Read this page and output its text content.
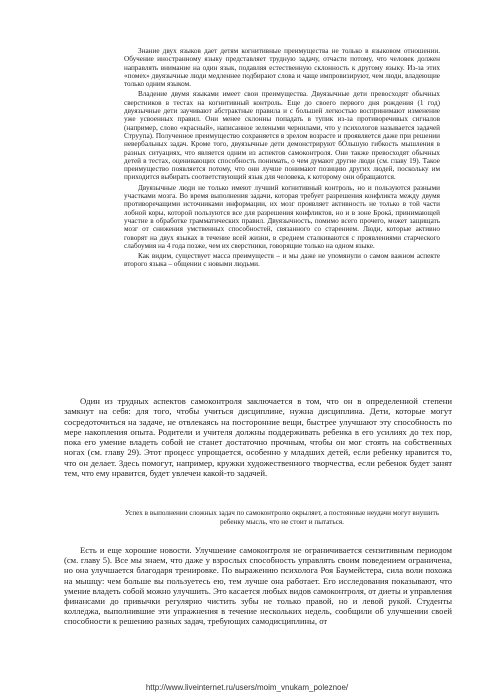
Знание двух языков дает детям когнитивные преимущества не только в языковом отношении. Обучение иностранному языку представляет трудную задачу, отчасти потому, что человек должен направлять внимание на один язык, подавляя естественную склонность к другому языку. Из-за этих «помех» двуязычные люди медленнее подбирают слова и чаще импровизируют, чем люди, владеющие только одним языком.

Владение двумя языками имеет свои преимущества. Двуязычные дети превосходят обычных сверстников в тестах на когнитивный контроль. Еще до своего первого дня рождения (1 год) двуязычные дети заучивают абстрактные правила и с большей легкостью воспринимают изменение уже усвоенных правил. Они менее склонны попадать в тупик из-за противоречивых сигналов (например, слово «красный», написанное зелеными чернилами, что у психологов называется задачей Струупа). Полученное преимущество сохраняется в зрелом возрасте и проявляется даже при решении невербальных задач. Кроме того, двуязычные дети демонстрируют бÓльшую гибкость мышления в разных ситуациях, что является одним из аспектов самоконтроля. Они также превосходят обычных детей в тестах, оценивающих способность понимать, о чем думают другие люди (см. главу 19). Такое преимущество появляется потому, что они лучше понимают позицию других людей, поскольку им приходится выбирать соответствующий язык для человека, к которому они обращаются.

Двуязычные люди не только имеют лучший когнитивный контроль, но и пользуются разными участками мозга. Во время выполнения задачи, которая требует разрешения конфликта между двумя противоречащими источниками информации, их мозг проявляет активность не только в той части лобной коры, которой пользуются все для разрешения конфликтов, но и в зоне Брокá, принимающей участие в обработке грамматических правил. Двуязычность, помимо всего прочего, может защищать мозг от снижения умственных способностей, связанного со старением. Люди, которые активно говорят на двух языках в течение всей жизни, в среднем сталкиваются с проявлениями старческого слабоумия на 4 года позже, чем их сверстники, говорящие только на одном языке.

Как видим, существует масса преимуществ – и мы даже не упомянули о самом важном аспекте второго языка – общении с новыми людьми.

Один из трудных аспектов самоконтроля заключается в том, что он в определенной степени замкнут на себя: для того, чтобы учиться дисциплине, нужна дисциплина. Дети, которые могут сосредоточиться на задаче, не отвлекаясь на посторонние вещи, быстрее улучшают эту способность по мере накопления опыта. Родители и учителя должны поддерживать ребенка в его усилиях до тех пор, пока его умение владеть собой не станет достаточно прочным, чтобы он мог стоять на собственных ногах (см. главу 29). Этот процесс упрощается, особенно у младших детей, если ребенку нравится то, что он делает. Здесь помогут, например, кружки художественного творчества, если ребенок будет занят тем, что ему нравится, будет увлечен какой-то задачей.

Успех в выполнении сложных задач по самоконтролю окрыляет, а постоянные неудачи могут внушить ребенку мысль, что не стоит и пытаться.

Есть и еще хорошие новости. Улучшение самоконтроля не ограничивается сензитивным периодом (см. главу 5). Все мы знаем, что даже у взрослых способность управлять своим поведением ограничена, но она улучшается благодаря тренировке. По выражению психолога Роя Баумейстера, сила воли похожа на мышцу: чем больше вы пользуетесь ею, тем лучше она работает. Его исследования показывают, что умение владеть собой можно улучшить. Это касается любых видов самоконтроля, от диеты и управления финансами до привычки регулярно чистить зубы не только правой, но и левой рукой. Студенты колледжа, выполнившие эти упражнения в течение нескольких недель, сообщили об улучшении своей способности к решению разных задач, требующих самодисциплины, от

http://www.liveinternet.ru/users/moim_vnukam_poleznoe/
